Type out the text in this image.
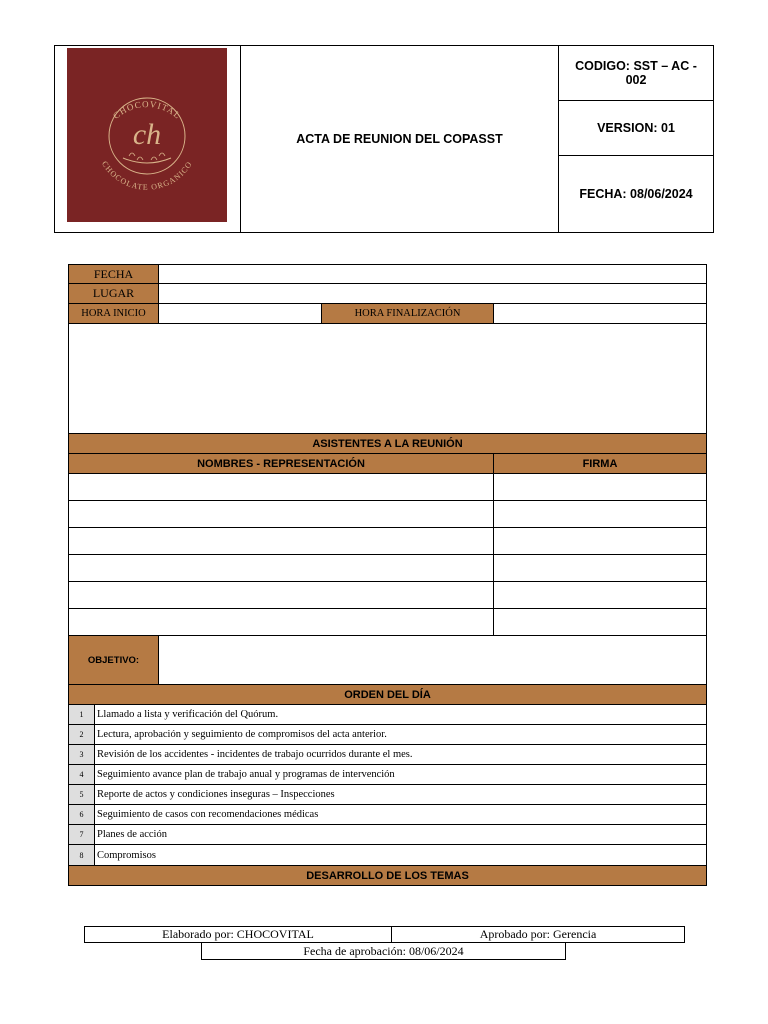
CHOCOVITAL
CHOCOLATE ORGANICO
ch	ACTA DE REUNION DEL COPASST
CODIGO: SST – AC - 002
VERSION: 01
FECHA: 08/06/2024
FECHA
LUGAR
HORA INICIO	HORA FINALIZACIÓN
ASISTENTES A LA REUNIÓN
NOMBRES - REPRESENTACIÓN	FIRMA
OBJETIVO:
ORDEN DEL DÍA
1	Llamado a lista y verificación del Quórum.
2	Lectura, aprobación y seguimiento de compromisos del acta anterior.
3	Revisión de los accidentes - incidentes de trabajo ocurridos durante el mes.
4	Seguimiento avance plan de trabajo anual y programas de intervención
5	Reporte de actos y condiciones inseguras – Inspecciones
6	Seguimiento de casos con recomendaciones médicas
7	Planes de acción
8	Compromisos
DESARROLLO DE LOS TEMAS
Elaborado por: CHOCOVITAL	Aprobado por: Gerencia
Fecha de aprobación: 08/06/2024
